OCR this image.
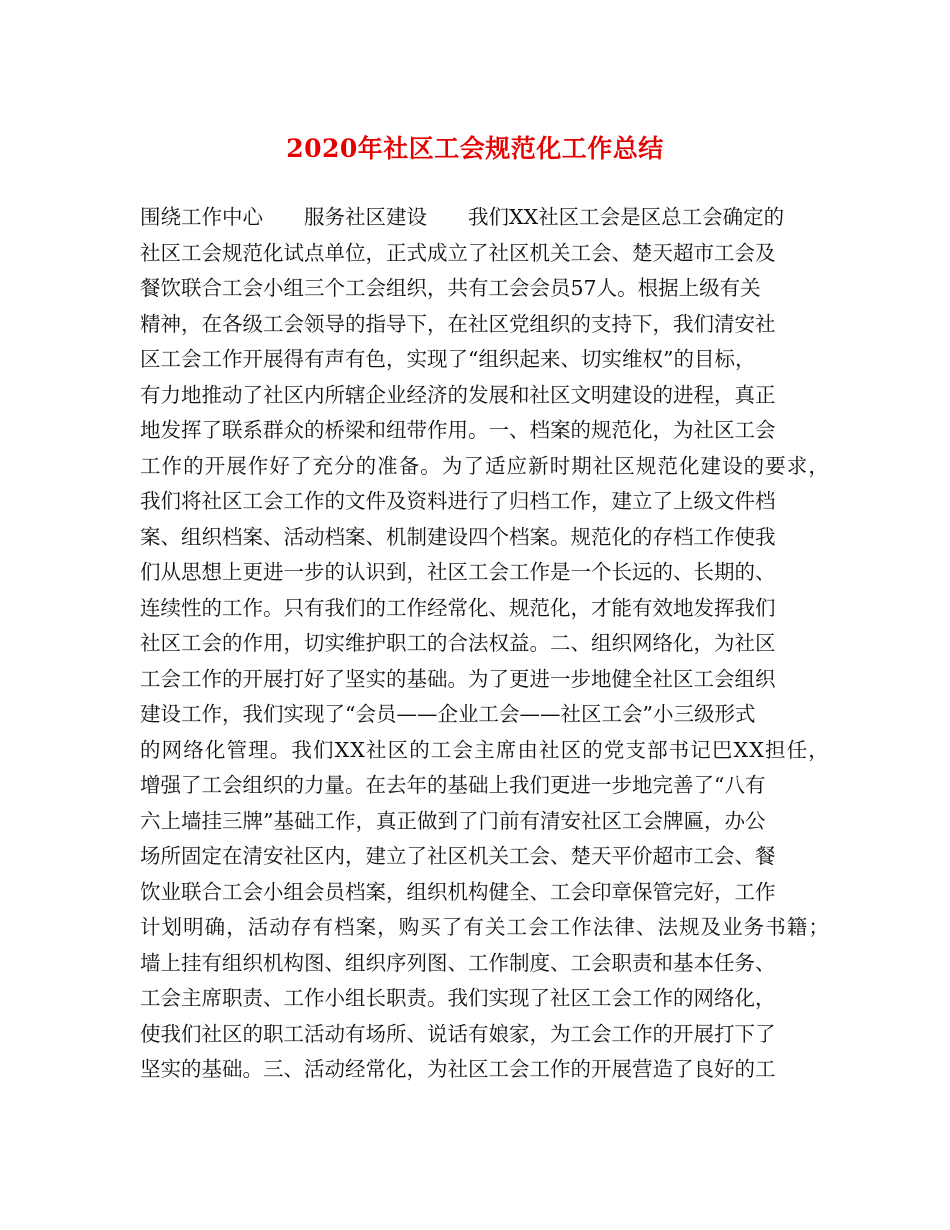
2020年社区工会规范化工作总结
围绕工作中心　　服务社区建设　　我们XX社区工会是区总工会确定的
社区工会规范化试点单位，正式成立了社区机关工会、楚天超市工会及
餐饮联合工会小组三个工会组织，共有工会会员57人。根据上级有关
精神，在各级工会领导的指导下，在社区党组织的支持下，我们清安社
区工会工作开展得有声有色，实现了“组织起来、切实维权”的目标，
有力地推动了社区内所辖企业经济的发展和社区文明建设的进程，真正
地发挥了联系群众的桥梁和纽带作用。一、档案的规范化，为社区工会
工作的开展作好了充分的准备。为了适应新时期社区规范化建设的要求，
我们将社区工会工作的文件及资料进行了归档工作，建立了上级文件档
案、组织档案、活动档案、机制建设四个档案。规范化的存档工作使我
们从思想上更进一步的认识到，社区工会工作是一个长远的、长期的、
连续性的工作。只有我们的工作经常化、规范化，才能有效地发挥我们
社区工会的作用，切实维护职工的合法权益。二、组织网络化，为社区
工会工作的开展打好了坚实的基础。为了更进一步地健全社区工会组织
建设工作，我们实现了“会员——企业工会——社区工会”小三级形式
的网络化管理。我们XX社区的工会主席由社区的党支部书记巴XX担任，
增强了工会组织的力量。在去年的基础上我们更进一步地完善了“八有
六上墙挂三牌”基础工作，真正做到了门前有清安社区工会牌匾，办公
场所固定在清安社区内，建立了社区机关工会、楚天平价超市工会、餐
饮业联合工会小组会员档案，组织机构健全、工会印章保管完好，工作
计划明确，活动存有档案，购买了有关工会工作法律、法规及业务书籍；
墙上挂有组织机构图、组织序列图、工作制度、工会职责和基本任务、
工会主席职责、工作小组长职责。我们实现了社区工会工作的网络化，
使我们社区的职工活动有场所、说话有娘家，为工会工作的开展打下了
坚实的基础。三、活动经常化，为社区工会工作的开展营造了良好的工
